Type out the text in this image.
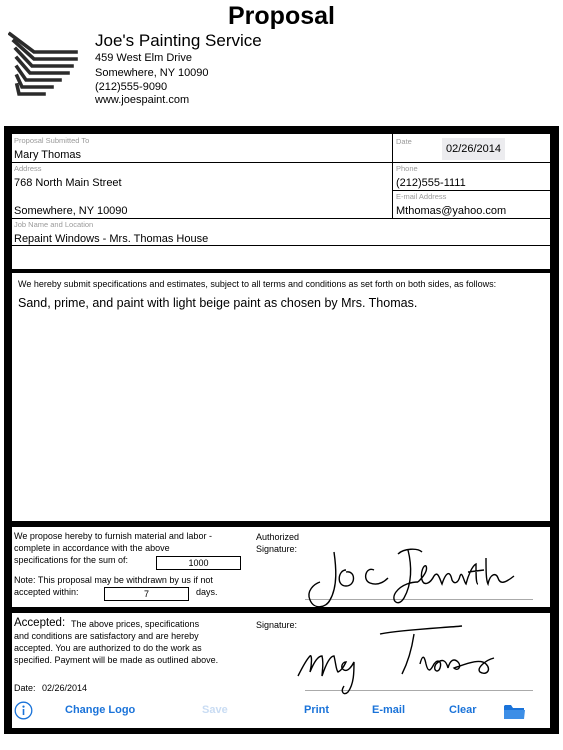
Proposal
Joe's Painting Service
459 West Elm Drive
Somewhere, NY 10090
(212)555-9090
www.joespaint.com
Proposal Submitted To
Mary Thomas
Date
02/26/2014
Address
768 North Main Street
Somewhere, NY 10090
Phone
(212)555-1111
E-mail Address
Mthomas@yahoo.com
Job Name and Location
Repaint Windows - Mrs. Thomas House
We hereby submit specifications and estimates, subject to all terms and conditions as set forth on both sides, as follows:
Sand, prime, and paint with light beige paint as chosen by Mrs. Thomas.
We propose hereby to furnish material and labor -
complete in accordance with the above
specifications for the sum of:	1000
Note: This proposal may be withdrawn by us if not
accepted within:	7	days.
Authorized
Signature:
Accepted: The above prices, specifications
and conditions are satisfactory and are hereby
accepted. You are authorized to do the work as
specified. Payment will be made as outlined above.
Signature:
Date: 02/26/2014
Change Logo	Save	Print	E-mail	Clear
